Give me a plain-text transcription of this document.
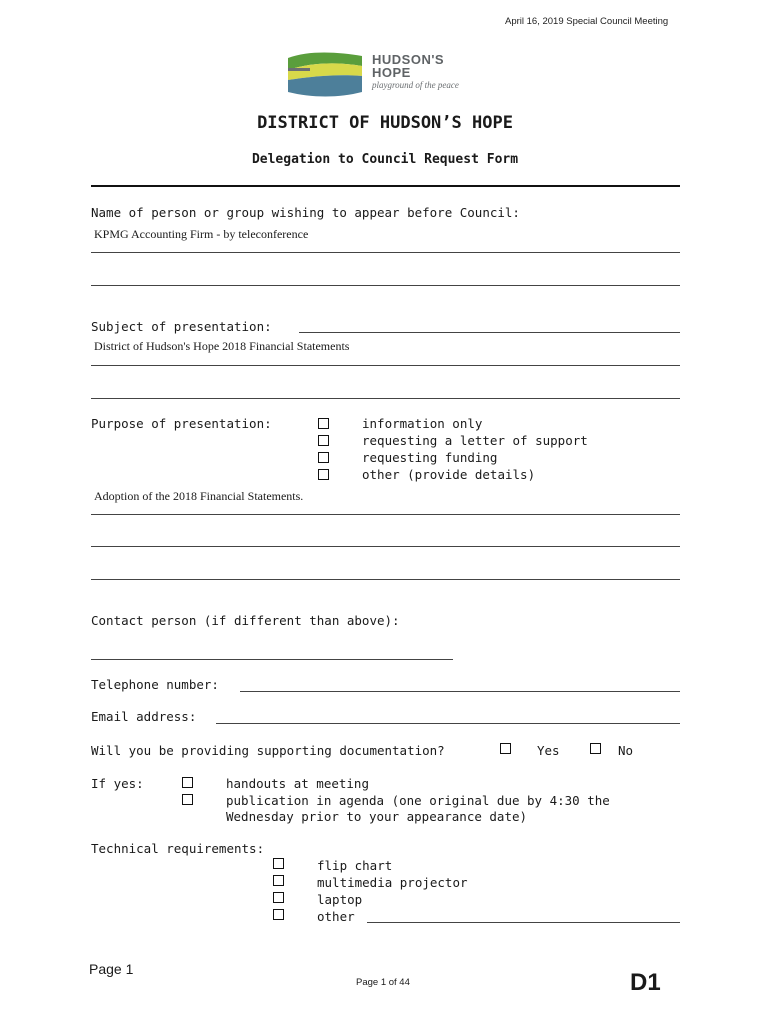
April 16, 2019 Special Council Meeting
HUDSON'S
HOPE
playground of the peace
DISTRICT OF HUDSON’S HOPE
Delegation to Council Request Form
Name of person or group wishing to appear before Council:
KPMG Accounting Firm - by teleconference
Subject of presentation:
District of Hudson's Hope 2018 Financial Statements
Purpose of presentation:	information only
requesting a letter of support
requesting funding
other (provide details)
Adoption of the 2018 Financial Statements.
Contact person (if different than above):
Telephone number:
Email address:
Will you be providing supporting documentation?	Yes	No
If yes:	handouts at meeting
publication in agenda (one original due by 4:30 the
Wednesday prior to your appearance date)
Technical requirements:
flip chart
multimedia projector
laptop
other
Page 1
Page 1 of 44	D1
